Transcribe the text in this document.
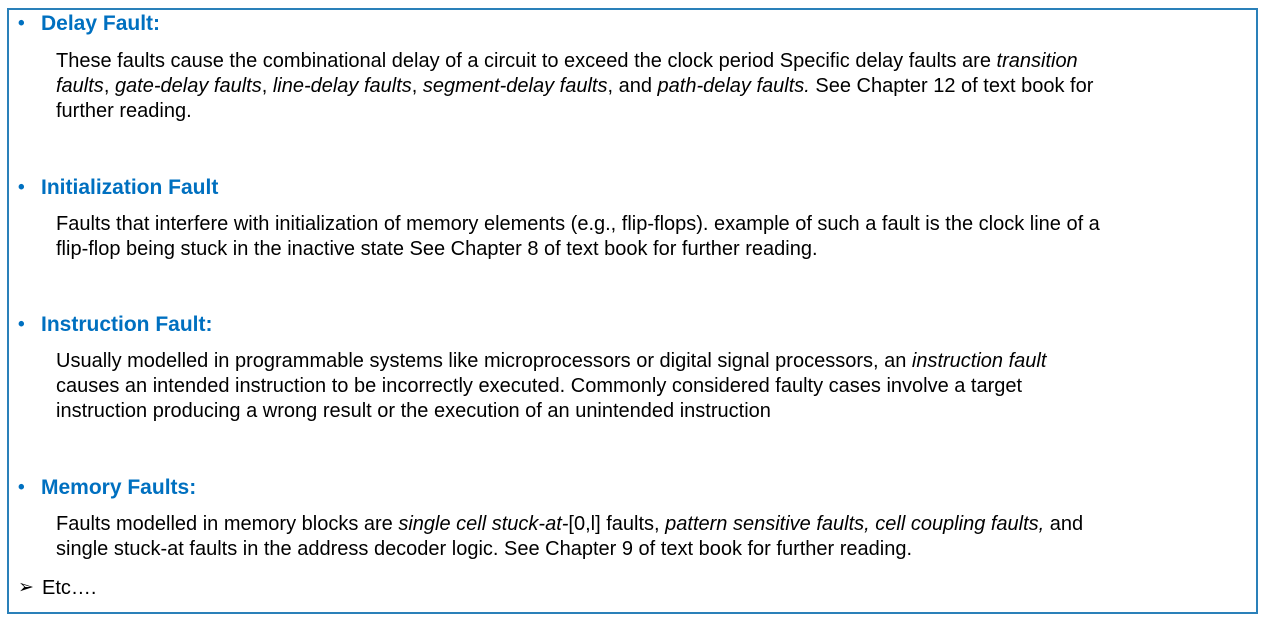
• Delay Fault:
These faults cause the combinational delay of a circuit to exceed the clock period Specific delay faults are transition
faults, gate-delay faults, line-delay faults, segment-delay faults, and path-delay faults. See Chapter 12 of text book for
further reading.
• Initialization Fault
Faults that interfere with initialization of memory elements (e.g., flip-flops). example of such a fault is the clock line of a
flip-flop being stuck in the inactive state See Chapter 8 of text book for further reading.
• Instruction Fault:
Usually modelled in programmable systems like microprocessors or digital signal processors, an instruction fault
causes an intended instruction to be incorrectly executed. Commonly considered faulty cases involve a target
instruction producing a wrong result or the execution of an unintended instruction
• Memory Faults:
Faults modelled in memory blocks are single cell stuck-at-[0,l] faults, pattern sensitive faults, cell coupling faults, and
single stuck-at faults in the address decoder logic. See Chapter 9 of text book for further reading.
➢ Etc….
